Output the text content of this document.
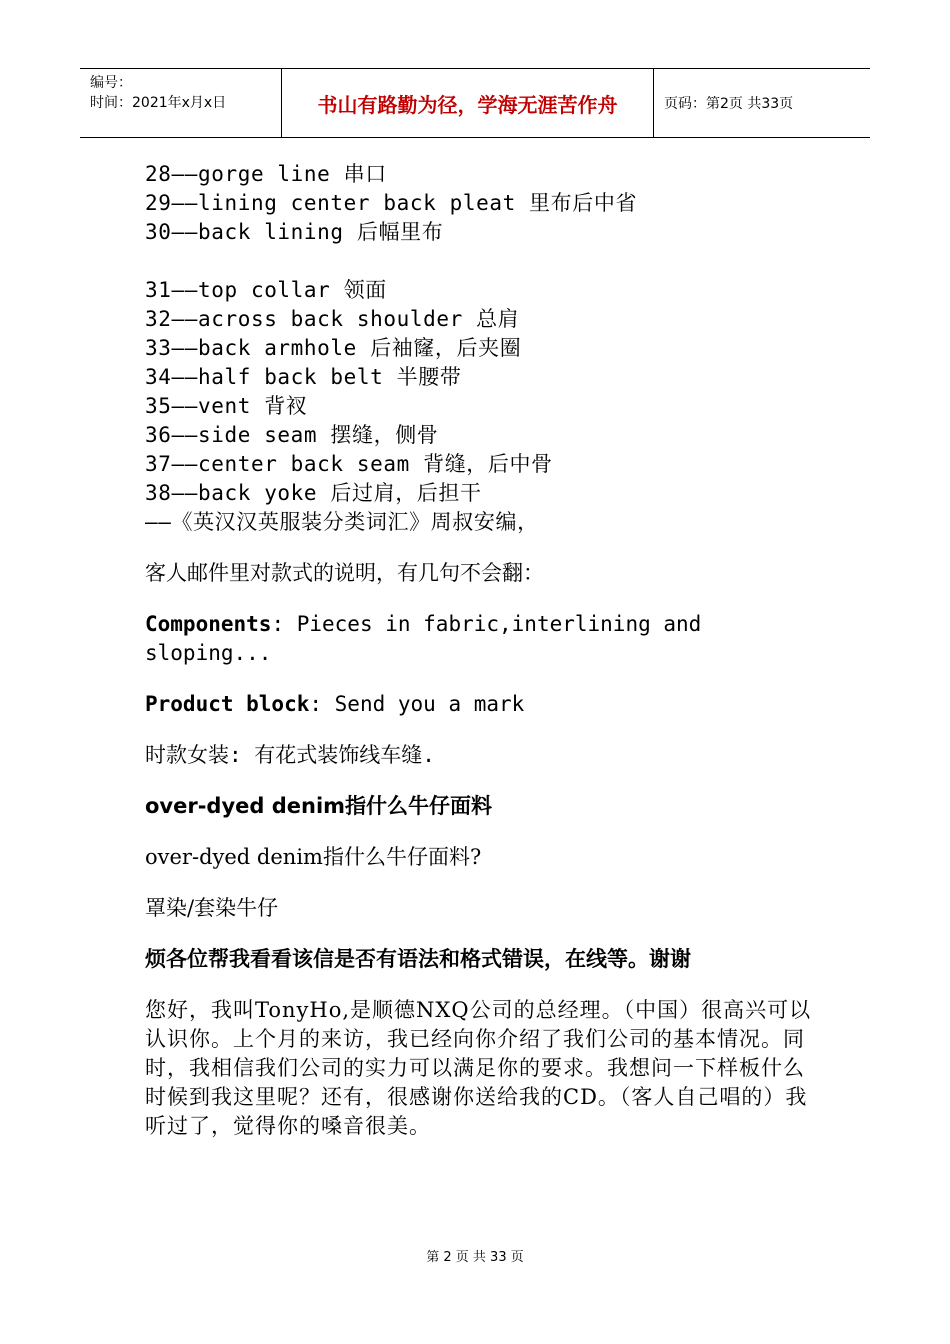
编号：
时间：2021年x月x日	书山有路勤为径，学海无涯苦作舟	页码：第2页 共33页
28——gorge line 串口
29——lining center back pleat 里布后中省
30——back lining 后幅里布
31——top collar 领面
32——across back shoulder 总肩
33——back armhole 后袖窿，后夹圈
34——half back belt 半腰带
35——vent 背衩
36——side seam 摆缝，侧骨
37——center back seam 背缝，后中骨
38——back yoke 后过肩，后担干
——《英汉汉英服装分类词汇》周叔安编，

客人邮件里对款式的说明，有几句不会翻：

Components: Pieces in fabric,interlining and sloping...

Product block: Send you a mark

时款女装: 有花式装饰线车缝.

over-dyed denim指什么牛仔面料

over-dyed denim指什么牛仔面料?

罩染/套染牛仔

烦各位帮我看看该信是否有语法和格式错误，在线等。谢谢

您好，我叫TonyHo,是顺德NXQ公司的总经理。（中国）很高兴可以认识你。上个月的来访，我已经向你介绍了我们公司的基本情况。同时，我相信我们公司的实力可以满足你的要求。我想问一下样板什么时候到我这里呢？还有，很感谢你送给我的CD。（客人自己唱的）我听过了，觉得你的嗓音很美。

第 2 页 共 33 页
